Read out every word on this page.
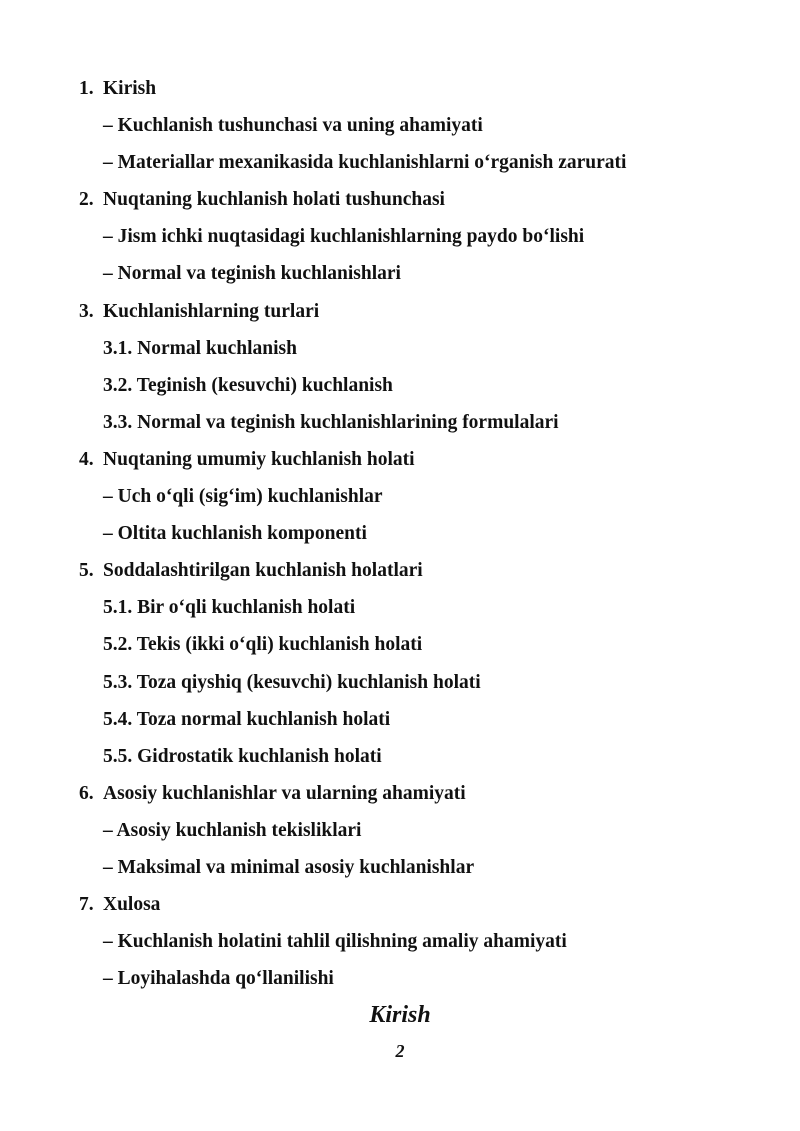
1. Kirish
– Kuchlanish tushunchasi va uning ahamiyati
– Materiallar mexanikasida kuchlanishlarni oʻrganish zarurati
2. Nuqtaning kuchlanish holati tushunchasi
– Jism ichki nuqtasidagi kuchlanishlarning paydo boʻlishi
– Normal va teginish kuchlanishlari
3. Kuchlanishlarning turlari
3.1. Normal kuchlanish
3.2. Teginish (kesuvchi) kuchlanish
3.3. Normal va teginish kuchlanishlarining formulalari
4. Nuqtaning umumiy kuchlanish holati
– Uch oʻqli (sigʻim) kuchlanishlar
– Oltita kuchlanish komponenti
5. Soddalashtirilgan kuchlanish holatlari
5.1. Bir oʻqli kuchlanish holati
5.2. Tekis (ikki oʻqli) kuchlanish holati
5.3. Toza qiyshiq (kesuvchi) kuchlanish holati
5.4. Toza normal kuchlanish holati
5.5. Gidrostatik kuchlanish holati
6. Asosiy kuchlanishlar va ularning ahamiyati
– Asosiy kuchlanish tekisliklari
– Maksimal va minimal asosiy kuchlanishlar
7. Xulosa
– Kuchlanish holatini tahlil qilishning amaliy ahamiyati
– Loyihalashda qoʻllanilishi
Kirish
2
